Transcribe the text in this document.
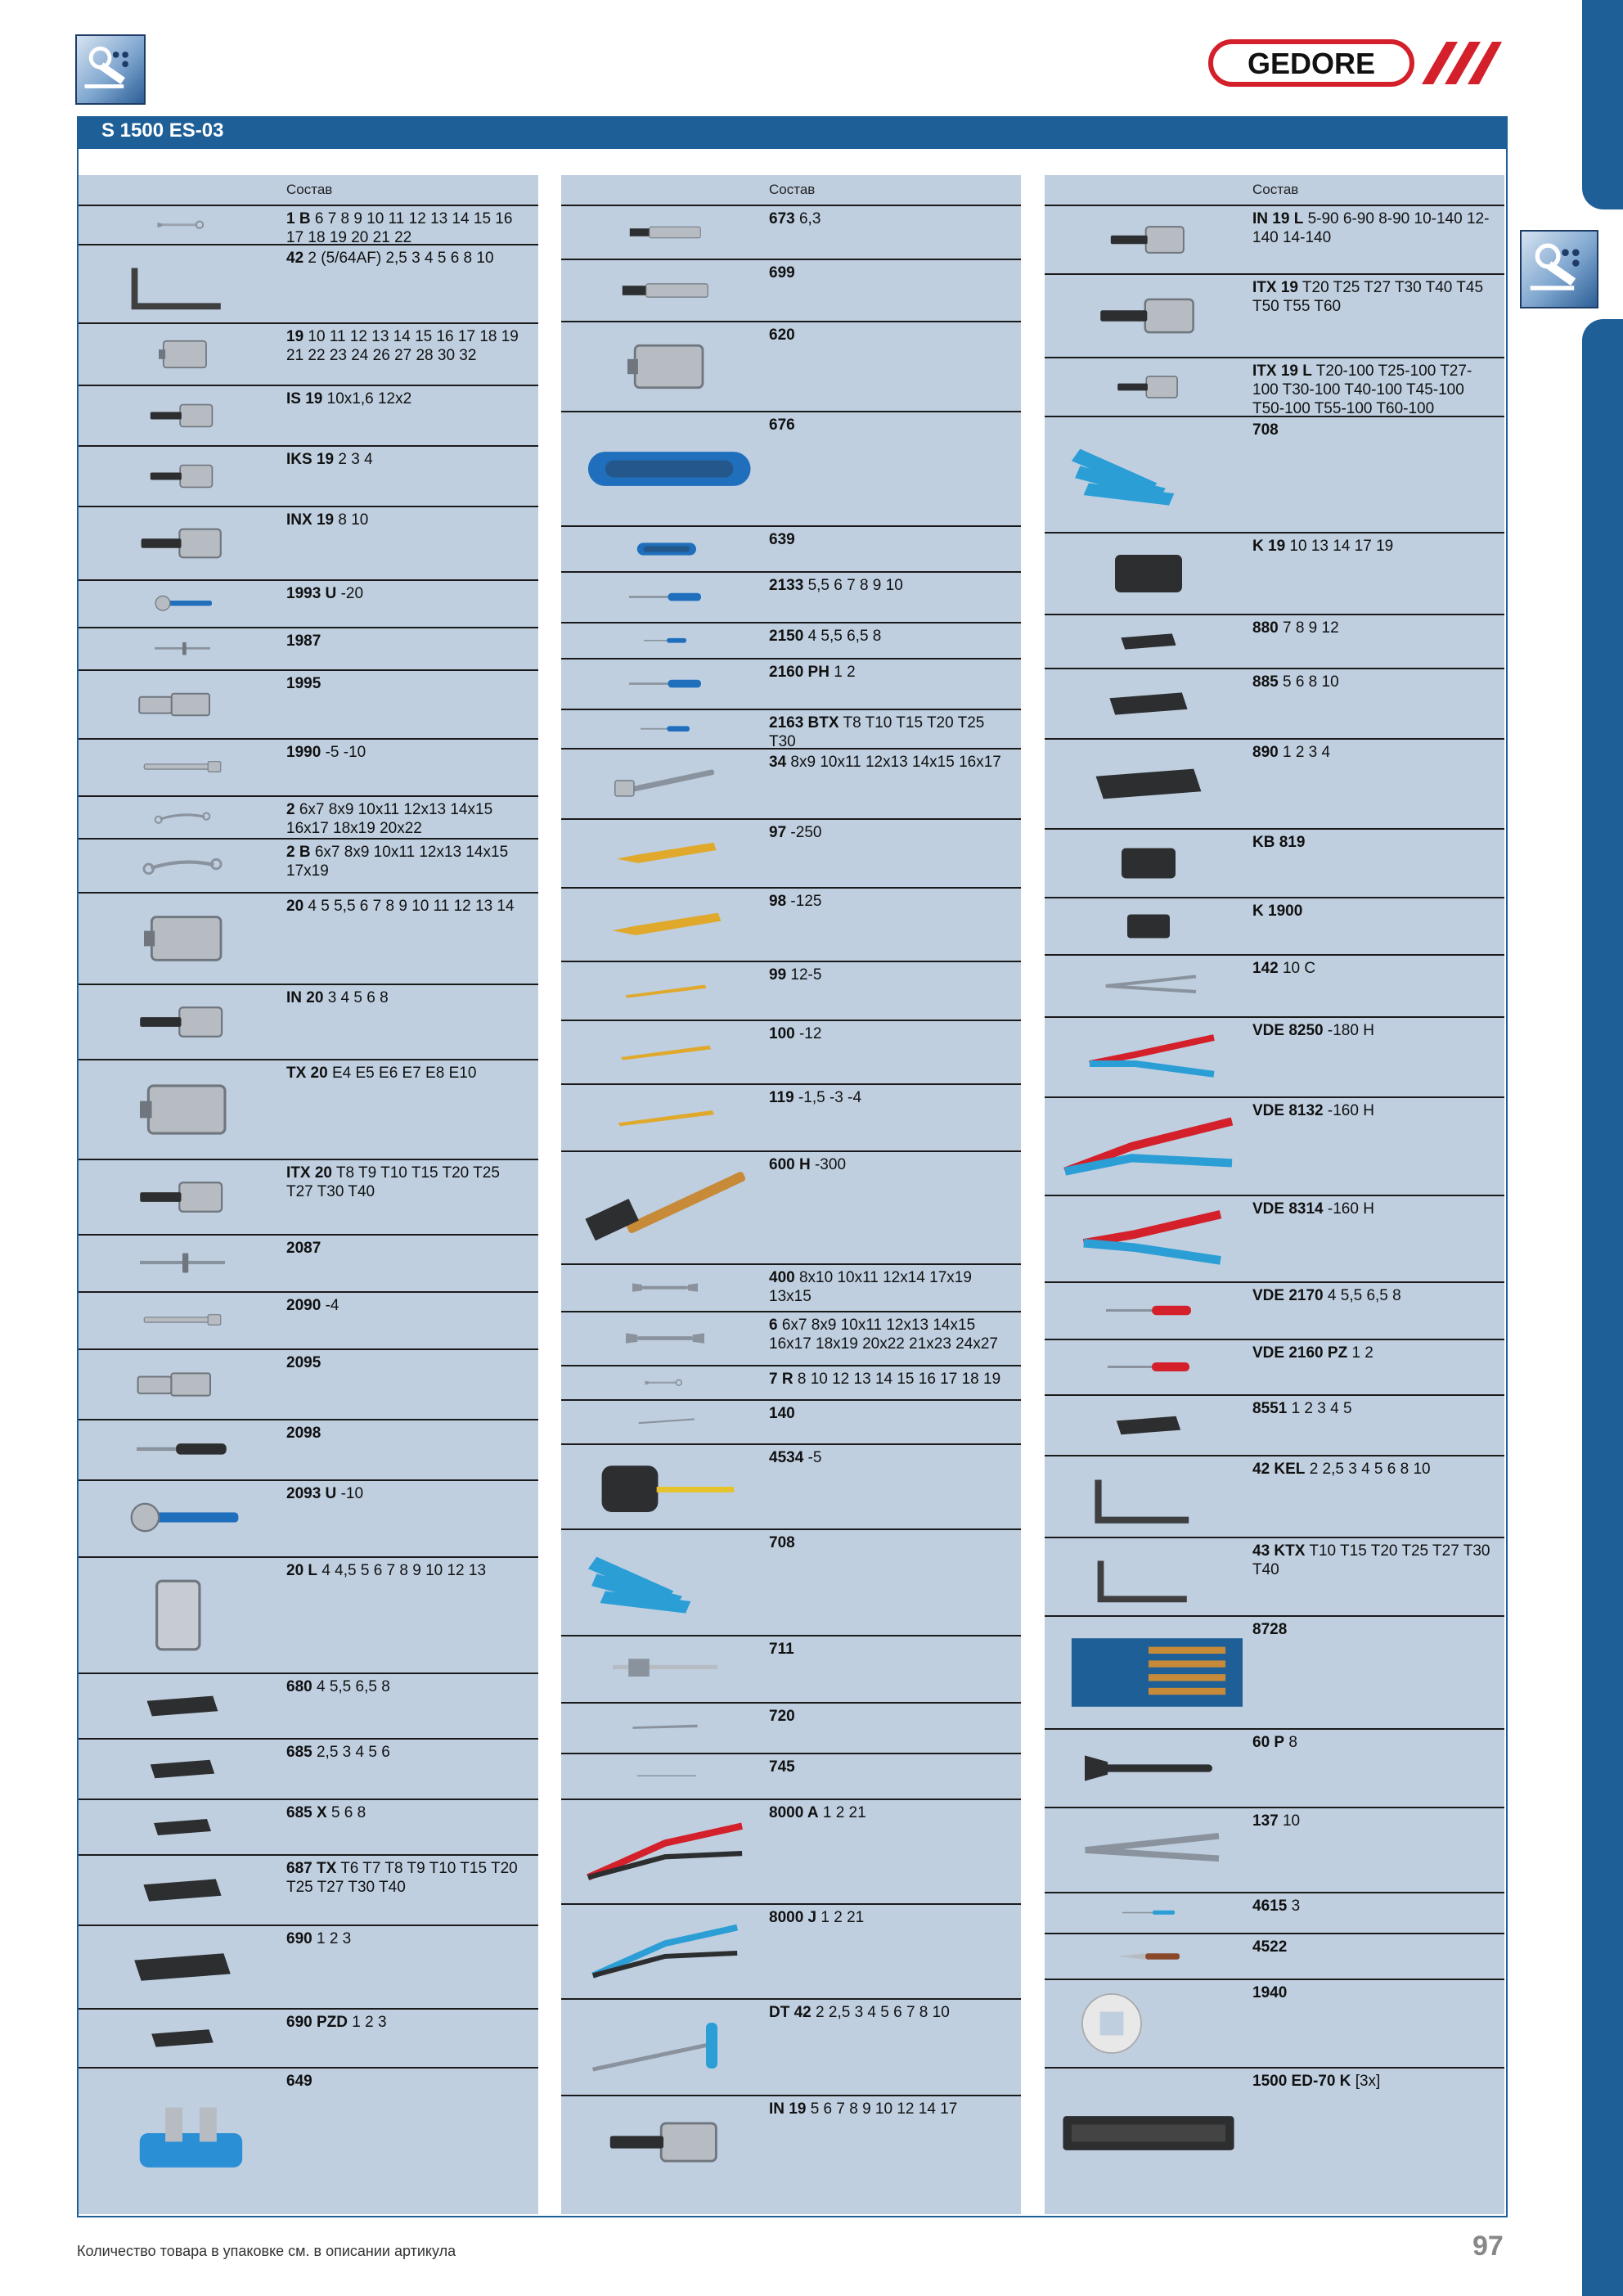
GEDORE
S 1500 ES-03
Состав
1 B 6 7 8 9 10 11 12 13 14 15 16 17 18 19 20 21 22
42 2 (5/64AF) 2,5 3 4 5 6 8 10
19 10 11 12 13 14 15 16 17 18 19 21 22 23 24 26 27 28 30 32
IS 19 10x1,6 12x2
IKS 19 2 3 4
INX 19 8 10
1993 U -20
1987
1995
1990 -5 -10
2 6x7 8x9 10x11 12x13 14x15 16x17 18x19 20x22
2 B 6x7 8x9 10x11 12x13 14x15 17x19
20 4 5 5,5 6 7 8 9 10 11 12 13 14
IN 20 3 4 5 6 8
TX 20 E4 E5 E6 E7 E8 E10
ITX 20 T8 T9 T10 T15 T20 T25 T27 T30 T40
2087
2090 -4
2095
2098
2093 U -10
20 L 4 4,5 5 6 7 8 9 10 12 13
680 4 5,5 6,5 8
685 2,5 3 4 5 6
685 X 5 6 8
687 TX T6 T7 T8 T9 T10 T15 T20 T25 T27 T30 T40
690 1 2 3
690 PZD 1 2 3
649
Состав
673 6,3
699
620
676
639
2133 5,5 6 7 8 9 10
2150 4 5,5 6,5 8
2160 PH 1 2
2163 BTX T8 T10 T15 T20 T25 T30
34 8x9 10x11 12x13 14x15 16x17
97 -250
98 -125
99 12-5
100 -12
119 -1,5 -3 -4
600 H -300
400 8x10 10x11 12x14 17x19 13x15
6 6x7 8x9 10x11 12x13 14x15 16x17 18x19 20x22 21x23 24x27
7 R 8 10 12 13 14 15 16 17 18 19
140
4534 -5
708
711
720
745
8000 A 1 2 21
8000 J 1 2 21
DT 42 2 2,5 3 4 5 6 7 8 10
IN 19 5 6 7 8 9 10 12 14 17
Состав
IN 19 L 5-90 6-90 8-90 10-140 12-140 14-140
ITX 19 T20 T25 T27 T30 T40 T45 T50 T55 T60
ITX 19 L T20-100 T25-100 T27-100 T30-100 T40-100 T45-100 T50-100 T55-100 T60-100
708
K 19 10 13 14 17 19
880 7 8 9 12
885 5 6 8 10
890 1 2 3 4
KB 819
K 1900
142 10 C
VDE 8250 -180 H
VDE 8132 -160 H
VDE 8314 -160 H
VDE 2170 4 5,5 6,5 8
VDE 2160 PZ 1 2
8551 1 2 3 4 5
42 KEL 2 2,5 3 4 5 6 8 10
43 KTX T10 T15 T20 T25 T27 T30 T40
8728
60 P 8
137 10
4615 3
4522
1940
1500 ED-70 K [3x]
Количество товара в упаковке см. в описании артикула	97
